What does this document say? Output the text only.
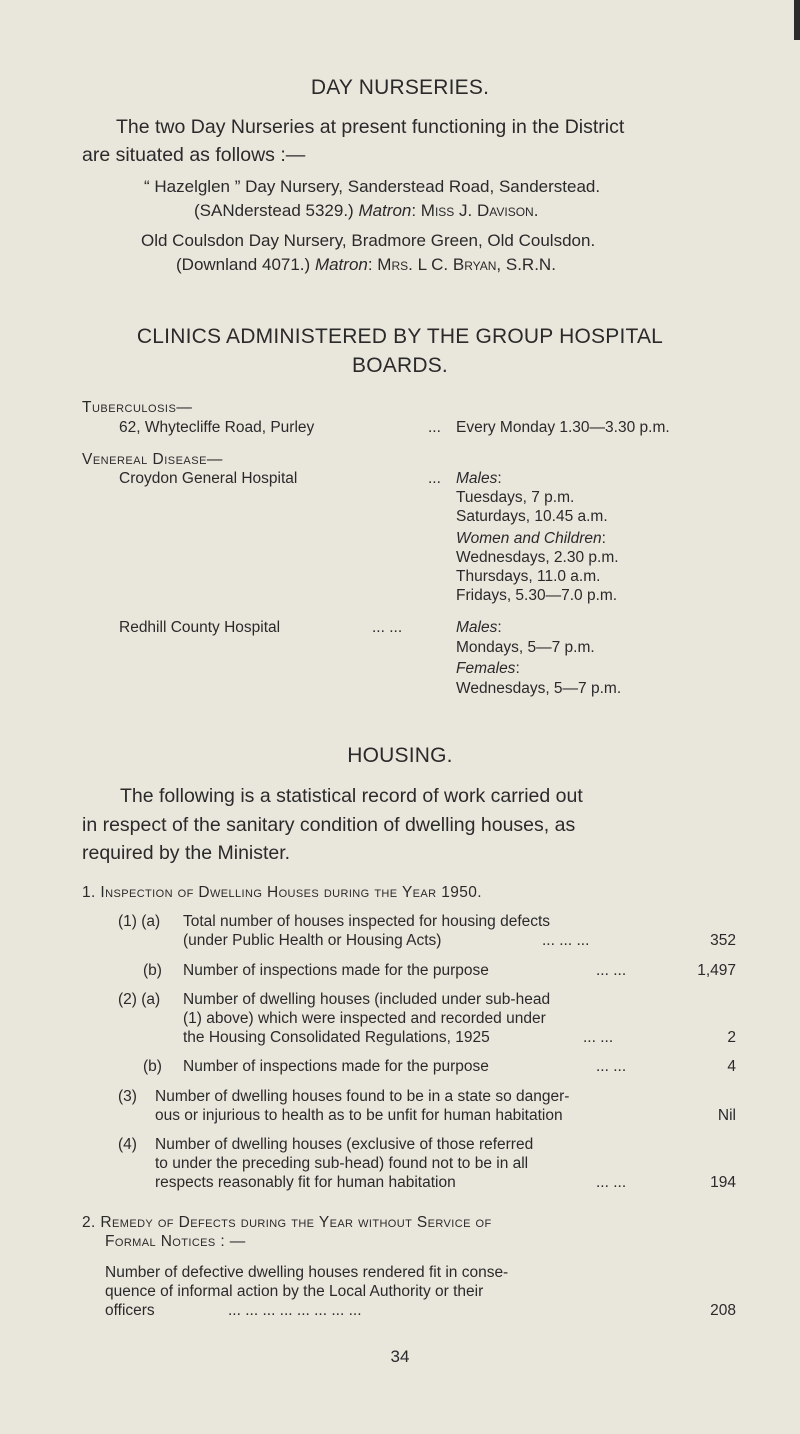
DAY NURSERIES.
The two Day Nurseries at present functioning in the District
are situated as follows :—
“ Hazelglen ” Day Nursery, Sanderstead Road, Sanderstead.
(SANderstead 5329.) Matron: Miss J. Davison.
Old Coulsdon Day Nursery, Bradmore Green, Old Coulsdon.
(Downland 4071.) Matron: Mrs. L C. Bryan, S.R.N.
CLINICS ADMINISTERED BY THE GROUP HOSPITAL
BOARDS.
Tuberculosis—
62, Whytecliffe Road, Purley	... Every Monday 1.30—3.30 p.m.
Venereal Disease—
Croydon General Hospital	... Males:
Tuesdays, 7 p.m.
Saturdays, 10.45 a.m.
Women and Children:
Wednesdays, 2.30 p.m.
Thursdays, 11.0 a.m.
Fridays, 5.30—7.0 p.m.
Redhill County Hospital	... ...	Males:
Mondays, 5—7 p.m.
Females:
Wednesdays, 5—7 p.m.
HOUSING.
The following is a statistical record of work carried out
in respect of the sanitary condition of dwelling houses, as
required by the Minister.
1. Inspection of Dwelling Houses during the Year 1950.
(1) (a) Total number of houses inspected for housing defects
(under Public Health or Housing Acts)	... ... ...	352
(b) Number of inspections made for the purpose	... ...	1,497
(2) (a) Number of dwelling houses (included under sub-head
(1) above) which were inspected and recorded under
the Housing Consolidated Regulations, 1925	... ...	2
(b) Number of inspections made for the purpose	... ...	4
(3) Number of dwelling houses found to be in a state so danger-
ous or injurious to health as to be unfit for human habitation	Nil
(4) Number of dwelling houses (exclusive of those referred
to under the preceding sub-head) found not to be in all
respects reasonably fit for human habitation	... ...	194
2. Remedy of Defects during the Year without Service of
Formal Notices : —
Number of defective dwelling houses rendered fit in conse-
quence of informal action by the Local Authority or their
officers	... ... ... ... ... ... ... ...	208
34
